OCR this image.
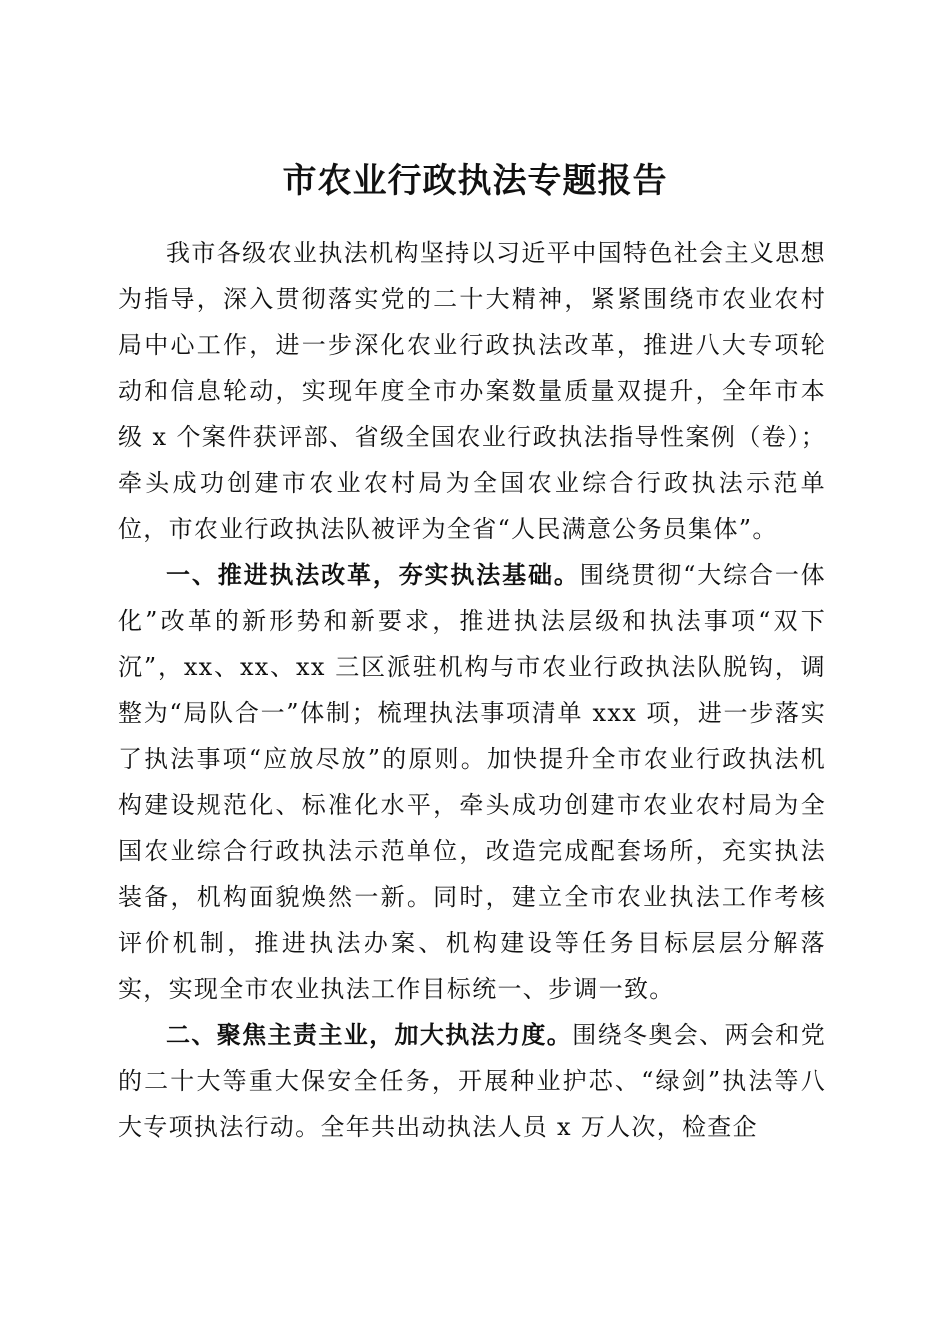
市农业行政执法专题报告

我市各级农业执法机构坚持以习近平中国特色社会主义思想为指导，深入贯彻落实党的二十大精神，紧紧围绕市农业农村局中心工作，进一步深化农业行政执法改革，推进八大专项轮动和信息轮动，实现年度全市办案数量质量双提升，全年市本级 x 个案件获评部、省级全国农业行政执法指导性案例（卷）；牵头成功创建市农业农村局为全国农业综合行政执法示范单位，市农业行政执法队被评为全省“人民满意公务员集体”。

一、推进执法改革，夯实执法基础。围绕贯彻“大综合一体化”改革的新形势和新要求，推进执法层级和执法事项“双下沉”，xx、xx、xx 三区派驻机构与市农业行政执法队脱钩，调整为“局队合一”体制；梳理执法事项清单 xxx 项，进一步落实了执法事项“应放尽放”的原则。加快提升全市农业行政执法机构建设规范化、标准化水平，牵头成功创建市农业农村局为全国农业综合行政执法示范单位，改造完成配套场所，充实执法装备，机构面貌焕然一新。同时，建立全市农业执法工作考核评价机制，推进执法办案、机构建设等任务目标层层分解落实，实现全市农业执法工作目标统一、步调一致。

二、聚焦主责主业，加大执法力度。围绕冬奥会、两会和党的二十大等重大保安全任务，开展种业护芯、“绿剑”执法等八大专项执法行动。全年共出动执法人员 x 万人次，检查企
